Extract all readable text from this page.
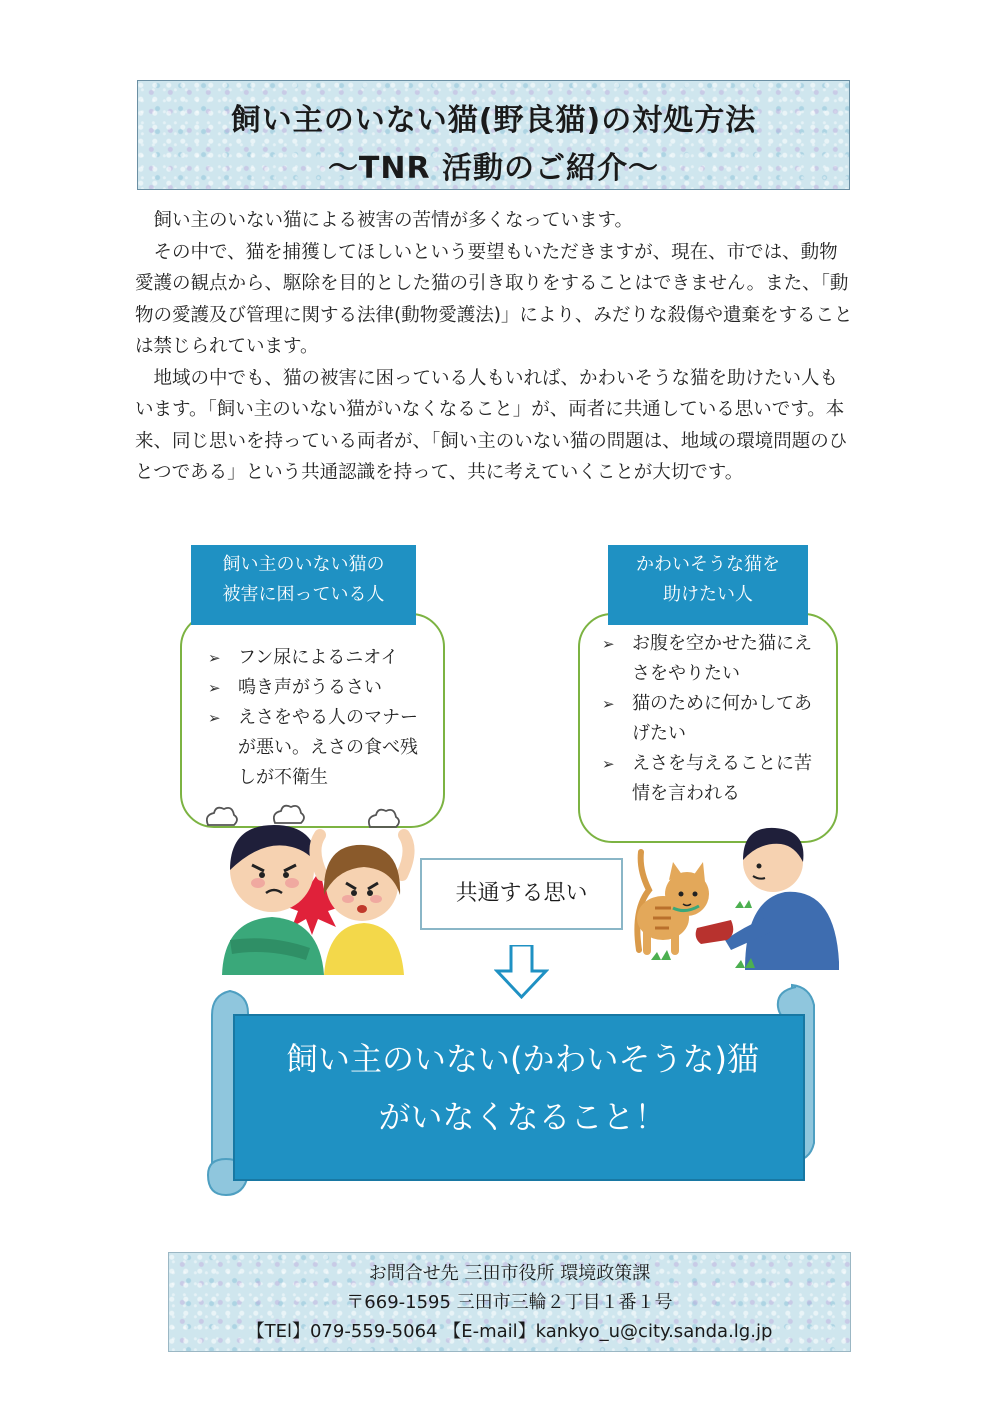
飼い主のいない猫(野良猫)の対処方法
～TNR 活動のご紹介～

飼い主のいない猫による被害の苦情が多くなっています。

その中で、猫を捕獲してほしいという要望もいただきますが、現在、市では、動物愛護の観点から、駆除を目的とした猫の引き取りをすることはできません。また、「動物の愛護及び管理に関する法律(動物愛護法)」により、みだりな殺傷や遺棄をすることは禁じられています。

地域の中でも、猫の被害に困っている人もいれば、かわいそうな猫を助けたい人もいます。「飼い主のいない猫がいなくなること」が、両者に共通している思いです。本来、同じ思いを持っている両者が、「飼い主のいない猫の問題は、地域の環境問題のひとつである」という共通認識を持って、共に考えていくことが大切です。

➢ フン尿によるニオイ
➢ 鳴き声がうるさい
➢ えさをやる人のマナーが悪い。えさの食べ残しが不衛生
飼い主のいない猫の
被害に困っている人
➢ お腹を空かせた猫にえさをやりたい
➢ 猫のために何かしてあげたい
➢ えさを与えることに苦情を言われる
かわいそうな猫を
助けたい人
共通する思い
飼い主のいない(かわいそうな)猫
がいなくなること！
お問合せ先 三田市役所 環境政策課
〒669-1595 三田市三輪２丁目１番１号
【TEl】079-559-5064 【E-mail】kankyo_u@city.sanda.lg.jp
